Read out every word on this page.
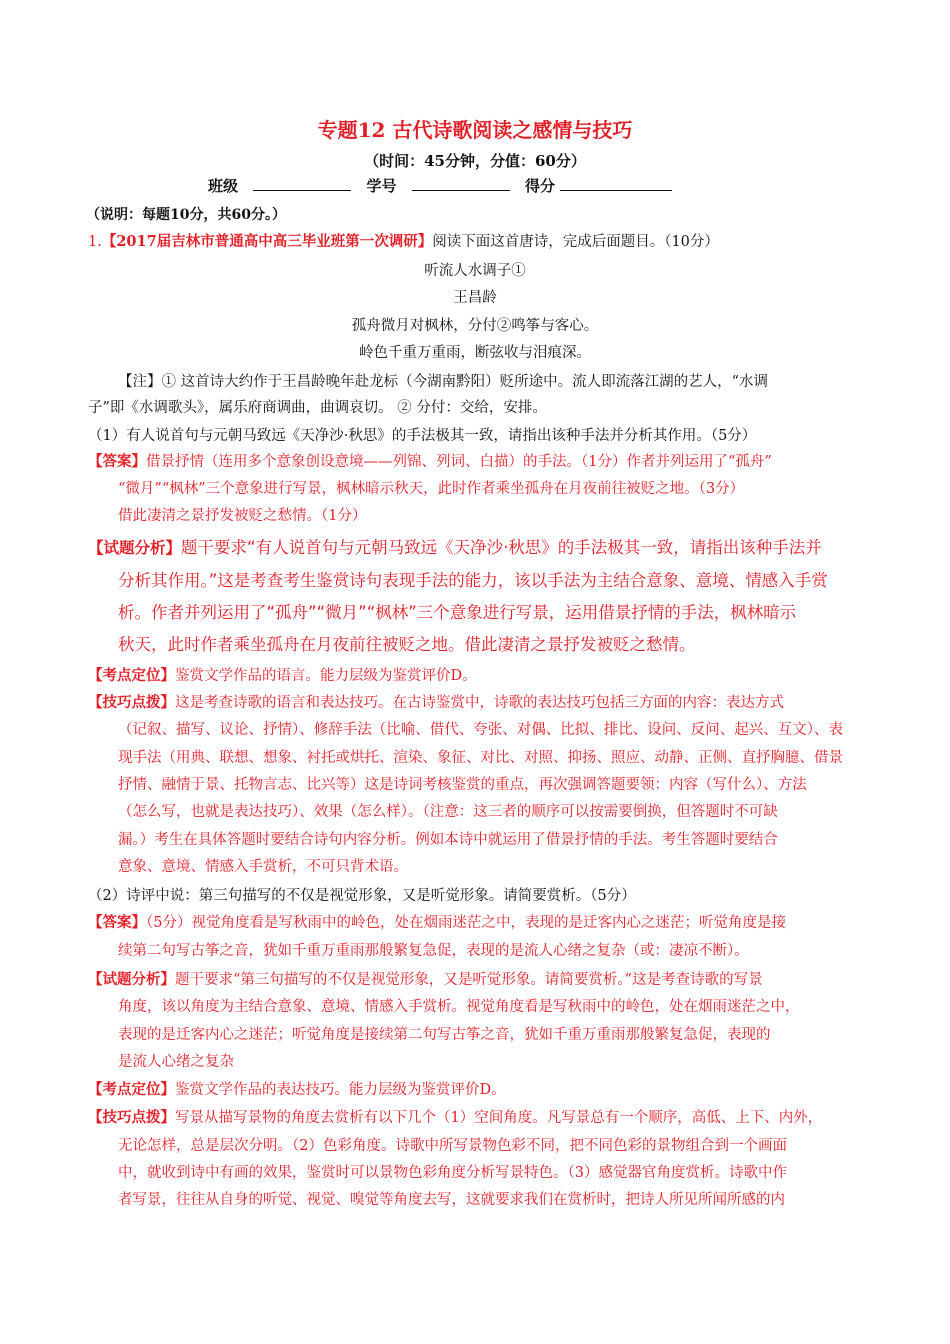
专题12 古代诗歌阅读之感情与技巧
（时间：45分钟，分值：60分）
班级	学号	得分
（说明：每题10分，共60分。）
1.【2017届吉林市普通高中高三毕业班第一次调研】阅读下面这首唐诗，完成后面题目。（10分）
听流人水调子①
王昌龄
孤舟微月对枫林，分付②鸣筝与客心。
岭色千重万重雨，断弦收与泪痕深。
【注】① 这首诗大约作于王昌龄晚年赴龙标（今湖南黔阳）贬所途中。流人即流落江湖的艺人，“水调
子”即《水调歌头》，属乐府商调曲，曲调哀切。 ② 分付：交给，安排。
（1）有人说首句与元朝马致远《天净沙·秋思》的手法极其一致，请指出该种手法并分析其作用。（5分）
【答案】借景抒情（连用多个意象创设意境——列锦、列词、白描）的手法。（1分）作者并列运用了“孤舟”
“微月”“枫林”三个意象进行写景，枫林暗示秋天，此时作者乘坐孤舟在月夜前往被贬之地。（3分）
借此凄清之景抒发被贬之愁情。（1分）
【试题分析】题干要求“有人说首句与元朝马致远《天净沙·秋思》的手法极其一致，请指出该种手法并
分析其作用。”这是考查考生鉴赏诗句表现手法的能力，该以手法为主结合意象、意境、情感入手赏
析。作者并列运用了“孤舟”“微月”“枫林”三个意象进行写景，运用借景抒情的手法，枫林暗示
秋天，此时作者乘坐孤舟在月夜前往被贬之地。借此凄清之景抒发被贬之愁情。
【考点定位】鉴赏文学作品的语言。能力层级为鉴赏评价D。
【技巧点拨】这是考查诗歌的语言和表达技巧。在古诗鉴赏中，诗歌的表达技巧包括三方面的内容：表达方式
（记叙、描写、议论、抒情）、修辞手法（比喻、借代、夸张、对偶、比拟、排比、设问、反问、起兴、互文）、表
现手法（用典、联想、想象、衬托或烘托、渲染、象征、对比、对照、抑扬、照应、动静、正侧、直抒胸臆、借景
抒情、融情于景、托物言志、比兴等）这是诗词考核鉴赏的重点，再次强调答题要领：内容（写什么）、方法
（怎么写，也就是表达技巧）、效果（怎么样）。（注意：这三者的顺序可以按需要倒换，但答题时不可缺
漏。）考生在具体答题时要结合诗句内容分析。例如本诗中就运用了借景抒情的手法。考生答题时要结合
意象、意境、情感入手赏析，不可只背术语。
（2）诗评中说：第三句描写的不仅是视觉形象，又是听觉形象。请简要赏析。（5分）
【答案】（5分）视觉角度看是写秋雨中的岭色，处在烟雨迷茫之中，表现的是迁客内心之迷茫；听觉角度是接
续第二句写古筝之音，犹如千重万重雨那般繁复急促，表现的是流人心绪之复杂（或：凄凉不断）。
【试题分析】题干要求“第三句描写的不仅是视觉形象，又是听觉形象。请简要赏析。”这是考查诗歌的写景
角度，该以角度为主结合意象、意境、情感入手赏析。视觉角度看是写秋雨中的岭色，处在烟雨迷茫之中，
表现的是迁客内心之迷茫；听觉角度是接续第二句写古筝之音，犹如千重万重雨那般繁复急促，表现的
是流人心绪之复杂
【考点定位】鉴赏文学作品的表达技巧。能力层级为鉴赏评价D。
【技巧点拨】写景从描写景物的角度去赏析有以下几个（1）空间角度。凡写景总有一个顺序，高低、上下、内外，
无论怎样，总是层次分明。（2）色彩角度。诗歌中所写景物色彩不同，把不同色彩的景物组合到一个画面
中，就收到诗中有画的效果，鉴赏时可以景物色彩角度分析写景特色。（3）感觉器官角度赏析。诗歌中作
者写景，往往从自身的听觉、视觉、嗅觉等角度去写，这就要求我们在赏析时，把诗人所见所闻所感的内
